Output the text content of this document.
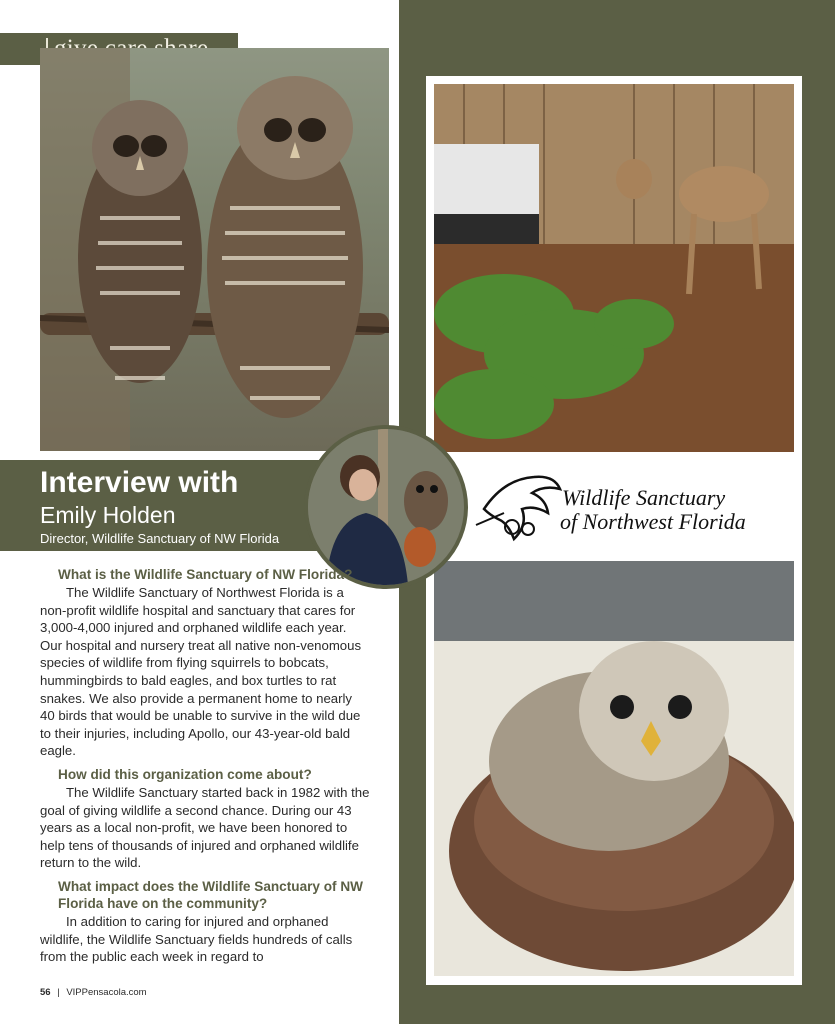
Wildlife Sanctuary
of Northwest Florida
Interview with
Emily Holden
Director, Wildlife Sanctuary of NW Florida
What is the Wildlife Sanctuary of NW Florida?
The Wildlife Sanctuary of Northwest Florida is a non-profit wildlife hospital and sanctuary that cares for 3,000-4,000 injured and orphaned wildlife each year. Our hospital and nursery treat all native non-venomous species of wildlife from flying squirrels to bobcats, hummingbirds to bald eagles, and box turtles to rat snakes. We also provide a permanent home to nearly 40 birds that would be unable to survive in the wild due to their injuries, including Apollo, our 43-year-old bald eagle.
How did this organization come about?
The Wildlife Sanctuary started back in 1982 with the goal of giving wildlife a second chance. During our 43 years as a local non-profit, we have been honored to help tens of thousands of injured and orphaned wildlife return to the wild.
What impact does the Wildlife Sanctuary of NW Florida have on the community?
In addition to caring for injured and orphaned wildlife, the Wildlife Sanctuary fields hundreds of calls from the public each week in regard to
56 | VIPPensacola.com
